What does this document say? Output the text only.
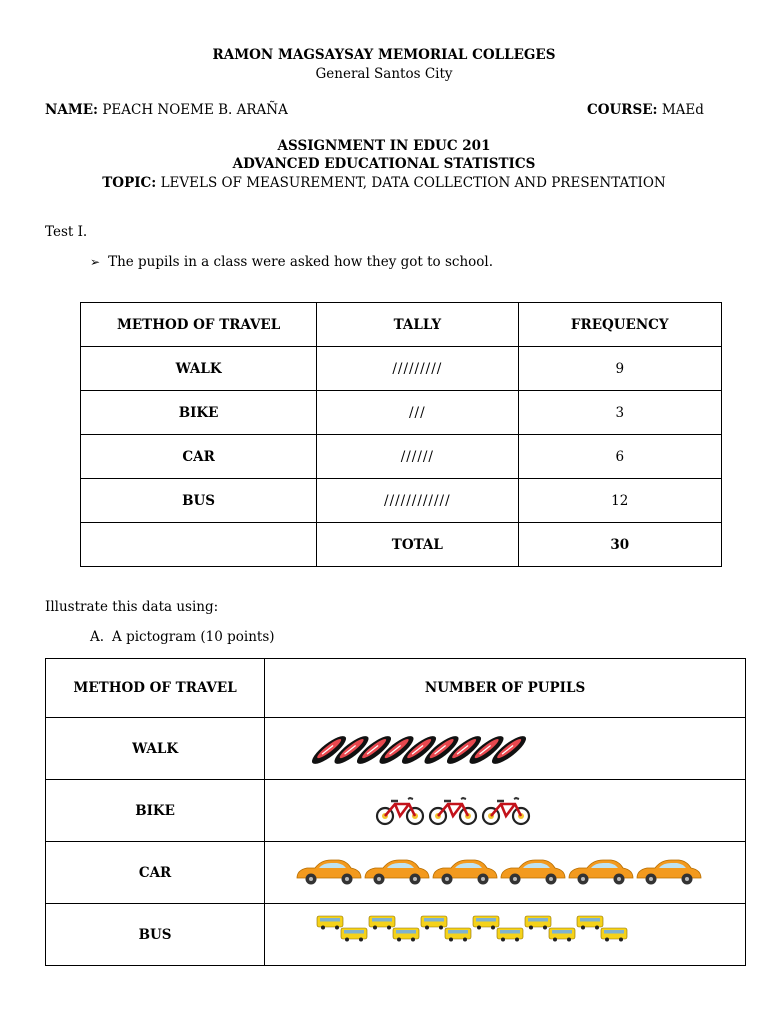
RAMON MAGSAYSAY MEMORIAL COLLEGES
General Santos City
NAME: PEACH NOEME B. ARAÑA	COURSE: MAEd
ASSIGNMENT IN EDUC 201
ADVANCED EDUCATIONAL STATISTICS
TOPIC: LEVELS OF MEASUREMENT, DATA COLLECTION AND PRESENTATION
Test I.
➢ The pupils in a class were asked how they got to school.
METHOD OF TRAVEL	TALLY	FREQUENCY
WALK	/////////	9
BIKE	///	3
CAR	//////	6
BUS	////////////	12
	TOTAL	30
Illustrate this data using:
A. A pictogram (10 points)
METHOD OF TRAVEL	NUMBER OF PUPILS
WALK	

BIKE	

CAR	

BUS	
